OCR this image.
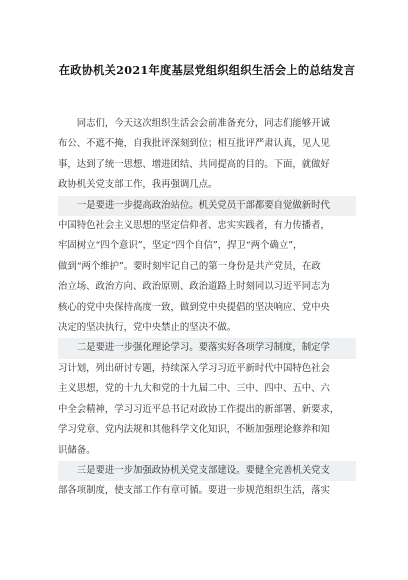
在政协机关2021年度基层党组织组织生活会上的总结发言

　　同志们，今天这次组织生活会会前准备充分，同志们能够开诚
布公、不遮不掩，自我批评深刻到位；相互批评严肃认真，见人见
事，达到了统一思想、增进团结、共同提高的目的。下面，就做好
政协机关党支部工作，我再强调几点。

　　一是要进一步提高政治站位。机关党员干部都要自觉做新时代
中国特色社会主义思想的坚定信仰者、忠实实践者，有力传播者，
牢固树立“四个意识”，坚定“四个自信”，捍卫“两个确立”，
做到“两个维护”。要时刻牢记自己的第一身份是共产党员，在政
治立场、政治方向、政治原则、政治道路上时刻同以习近平同志为
核心的党中央保持高度一致，做到党中央提倡的坚决响应、党中央
决定的坚决执行，党中央禁止的坚决不做。

　　二是要进一步强化理论学习。要落实好各项学习制度，制定学
习计划，列出研讨专题，持续深入学习习近平新时代中国特色社会
主义思想，党的十九大和党的十九届二中、三中、四中、五中、六
中全会精神，学习习近平总书记对政协工作提出的新部署、新要求，
学习党章、党内法规和其他科学文化知识，不断加强理论修养和知
识储备。

　　三是要进一步加强政协机关党支部建设。要健全完善机关党支
部各项制度，使支部工作有章可循。要进一步规范组织生活，落实
